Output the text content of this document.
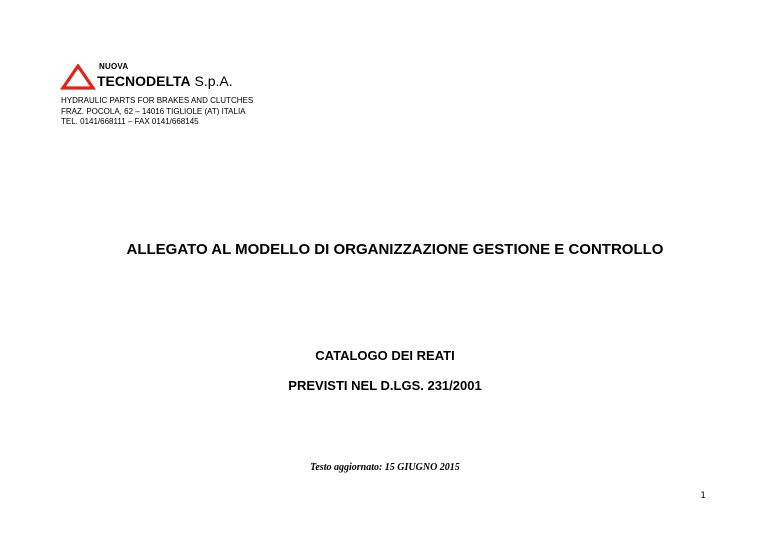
NUOVA
TECNODELTA S.p.A.
HYDRAULIC PARTS FOR BRAKES AND CLUTCHES
FRAZ. POCOLA, 62 – 14016 TIGLIOLE (AT) ITALIA
TEL. 0141/668111 – FAX 0141/668145
ALLEGATO AL MODELLO DI ORGANIZZAZIONE GESTIONE E CONTROLLO
CATALOGO DEI REATI
PREVISTI NEL D.LGS. 231/2001
Testo aggiornato: 15 GIUGNO 2015
1
